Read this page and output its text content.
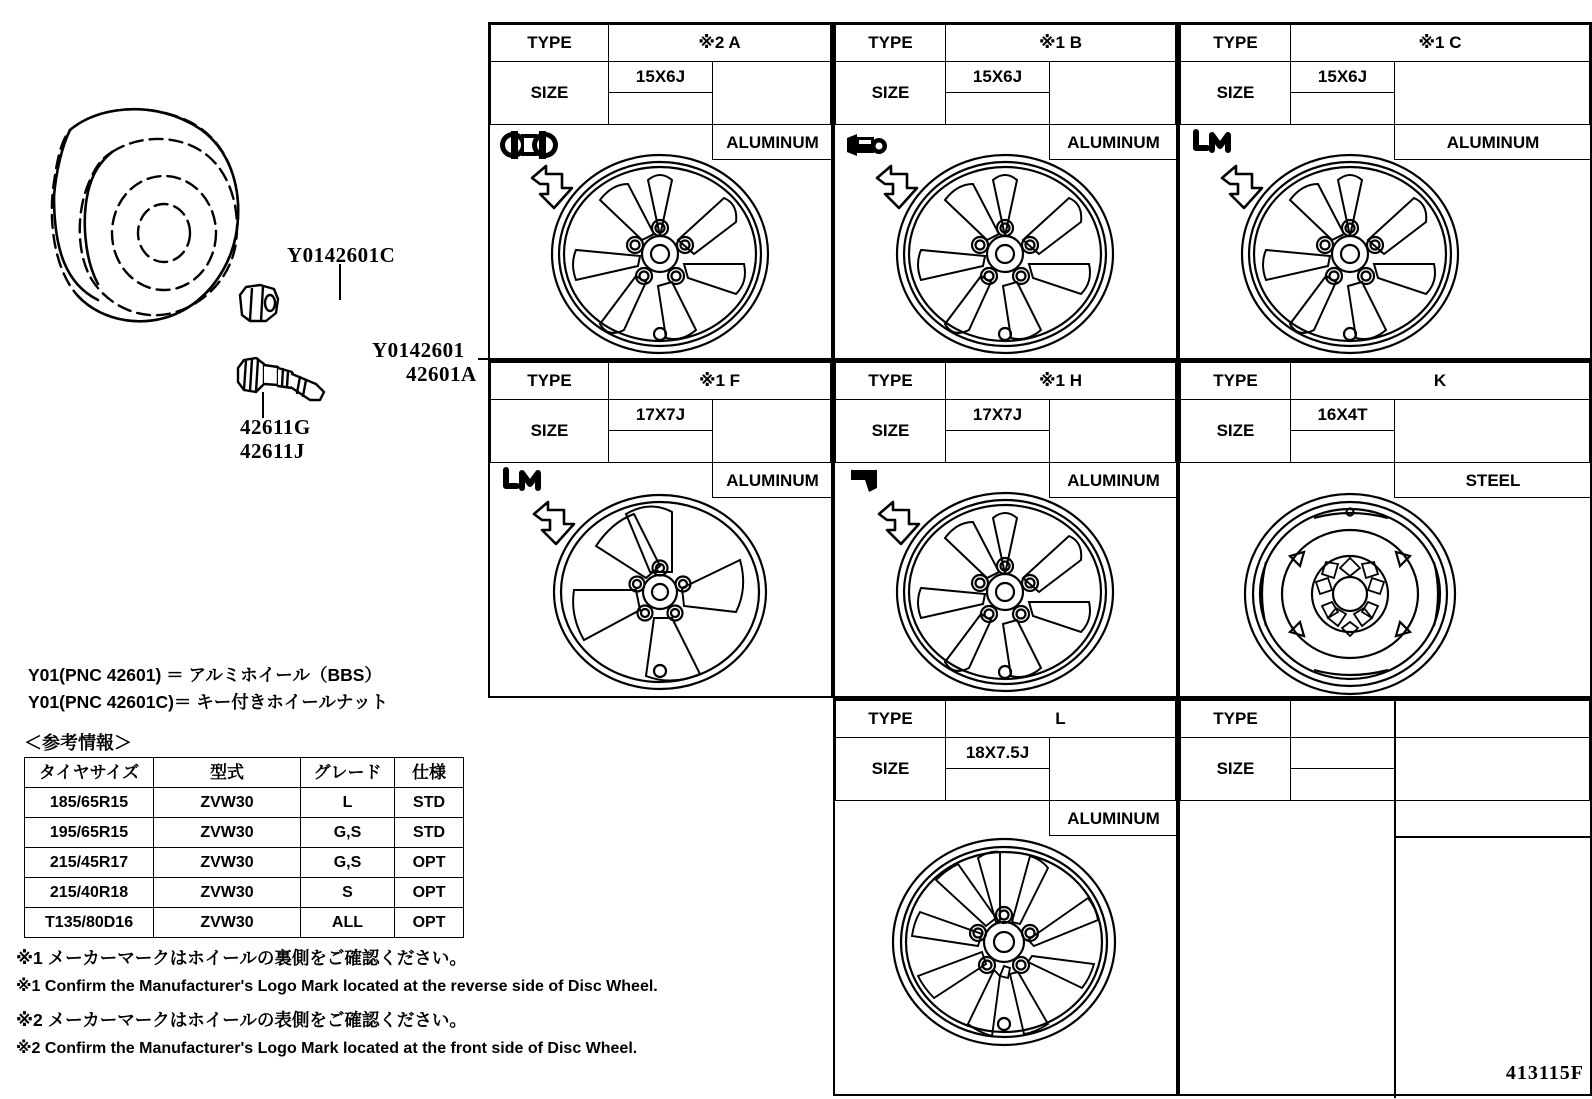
Y0142601C
Y0142601
42601A
42611G
42611J
Y01(PNC 42601) ＝ アルミホイール（BBS）
Y01(PNC 42601C)＝ キー付きホイールナット
＜参考情報＞
タイヤサイズ	型式	グレード	仕様
185/65R15	ZVW30	L	STD
195/65R15	ZVW30	G,S	STD
215/45R17	ZVW30	G,S	OPT
215/40R18	ZVW30	S	OPT
T135/80D16	ZVW30	ALL	OPT
※1 メーカーマークはホイールの裏側をご確認ください。
※1 Confirm the Manufacturer's Logo Mark located at the reverse side of Disc Wheel.
※2 メーカーマークはホイールの表側をご確認ください。
※2 Confirm the Manufacturer's Logo Mark located at the front side of Disc Wheel.
TYPE	※2 A	
SIZE	15X6J	

ALUMINUM
TYPE	※1 B	
SIZE	15X6J	

ALUMINUM
TYPE	※1 C	
SIZE	15X6J	

ALUMINUM
TYPE	※1 F	
SIZE	17X7J	

ALUMINUM
TYPE	※1 H	
SIZE	17X7J	

ALUMINUM
TYPE	K	
SIZE	16X4T	

STEEL
TYPE	L	
SIZE	18X7.5J	

ALUMINUM
TYPE		
SIZE		

413115F
